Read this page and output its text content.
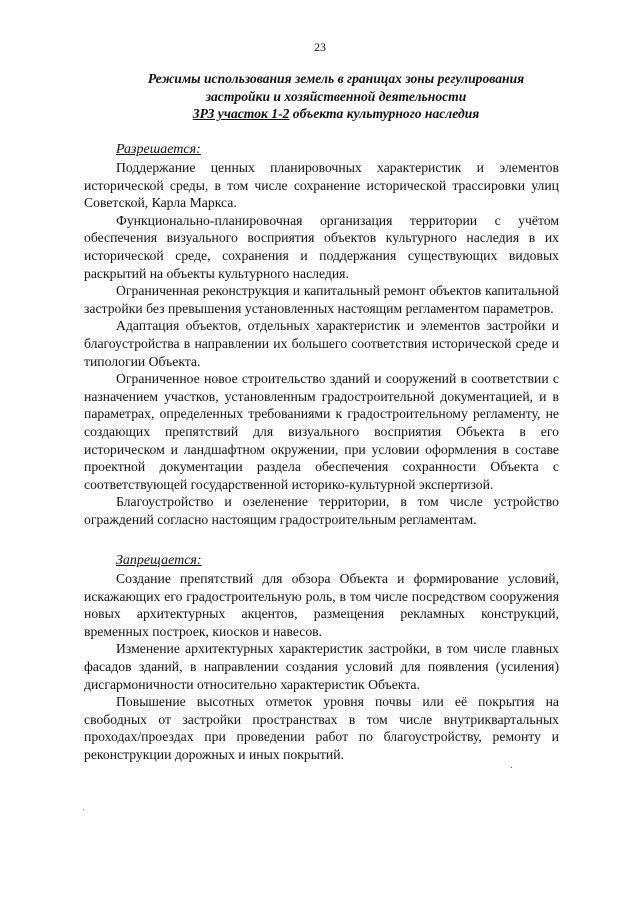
23
Режимы использования земель в границах зоны регулирования
застройки и хозяйственной деятельности
ЗРЗ участок 1-2 объекта культурного наследия

Разрешается:

Поддержание ценных планировочных характеристик и элементов исторической среды, в том числе сохранение исторической трассировки улиц Советской, Карла Маркса.

Функционально-планировочная организация территории с учётом обеспечения визуального восприятия объектов культурного наследия в их исторической среде, сохранения и поддержания существующих видовых раскрытий на объекты культурного наследия.

Ограниченная реконструкция и капитальный ремонт объектов капитальной застройки без превышения установленных настоящим регламентом параметров.

Адаптация объектов, отдельных характеристик и элементов застройки и благоустройства в направлении их большего соответствия исторической среде и типологии Объекта.

Ограниченное новое строительство зданий и сооружений в соответствии с назначением участков, установленным градостроительной документацией, и в параметрах, определенных требованиями к градостроительному регламенту, не создающих препятствий для визуального восприятия Объекта в его историческом и ландшафтном окружении, при условии оформления в составе проектной документации раздела обеспечения сохранности Объекта с соответствующей государственной историко-культурной экспертизой.

Благоустройство и озеленение территории, в том числе устройство ограждений согласно настоящим градостроительным регламентам.

Запрещается:

Создание препятствий для обзора Объекта и формирование условий, искажающих его градостроительную роль, в том числе посредством сооружения новых архитектурных акцентов, размещения рекламных конструкций, временных построек, киосков и навесов.

Изменение архитектурных характеристик застройки, в том числе главных фасадов зданий, в направлении создания условий для появления (усиления) дисгармоничности относительно характеристик Объекта.

Повышение высотных отметок уровня почвы или её покрытия на свободных от застройки пространствах в том числе внутриквартальных проходах/проездах при проведении работ по благоустройству, ремонту и реконструкции дорожных и иных покрытий.

ˌ
.
